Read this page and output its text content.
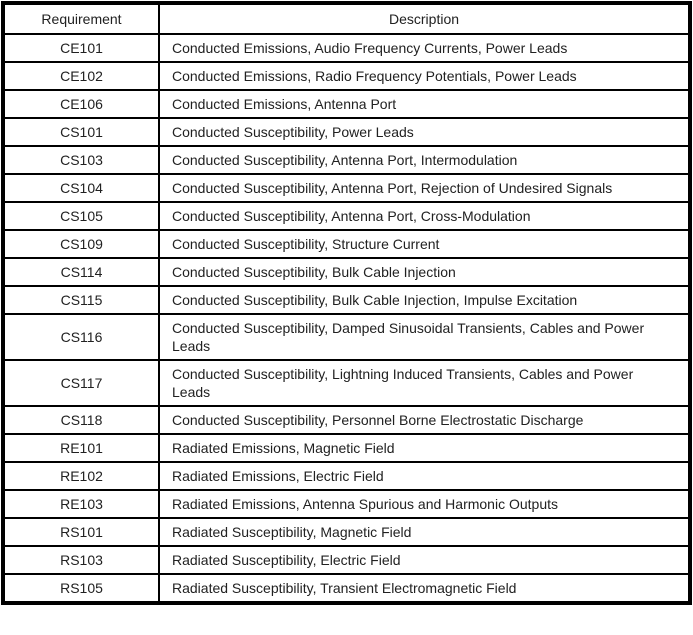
Requirement	Description
CE101	Conducted Emissions, Audio Frequency Currents, Power Leads
CE102	Conducted Emissions, Radio Frequency Potentials, Power Leads
CE106	Conducted Emissions, Antenna Port
CS101	Conducted Susceptibility, Power Leads
CS103	Conducted Susceptibility, Antenna Port, Intermodulation
CS104	Conducted Susceptibility, Antenna Port, Rejection of Undesired Signals
CS105	Conducted Susceptibility, Antenna Port, Cross-Modulation
CS109	Conducted Susceptibility, Structure Current
CS114	Conducted Susceptibility, Bulk Cable Injection
CS115	Conducted Susceptibility, Bulk Cable Injection, Impulse Excitation
CS116	Conducted Susceptibility, Damped Sinusoidal Transients, Cables and Power Leads
CS117	Conducted Susceptibility, Lightning Induced Transients, Cables and Power Leads
CS118	Conducted Susceptibility, Personnel Borne Electrostatic Discharge
RE101	Radiated Emissions, Magnetic Field
RE102	Radiated Emissions, Electric Field
RE103	Radiated Emissions, Antenna Spurious and Harmonic Outputs
RS101	Radiated Susceptibility, Magnetic Field
RS103	Radiated Susceptibility, Electric Field
RS105	Radiated Susceptibility, Transient Electromagnetic Field
